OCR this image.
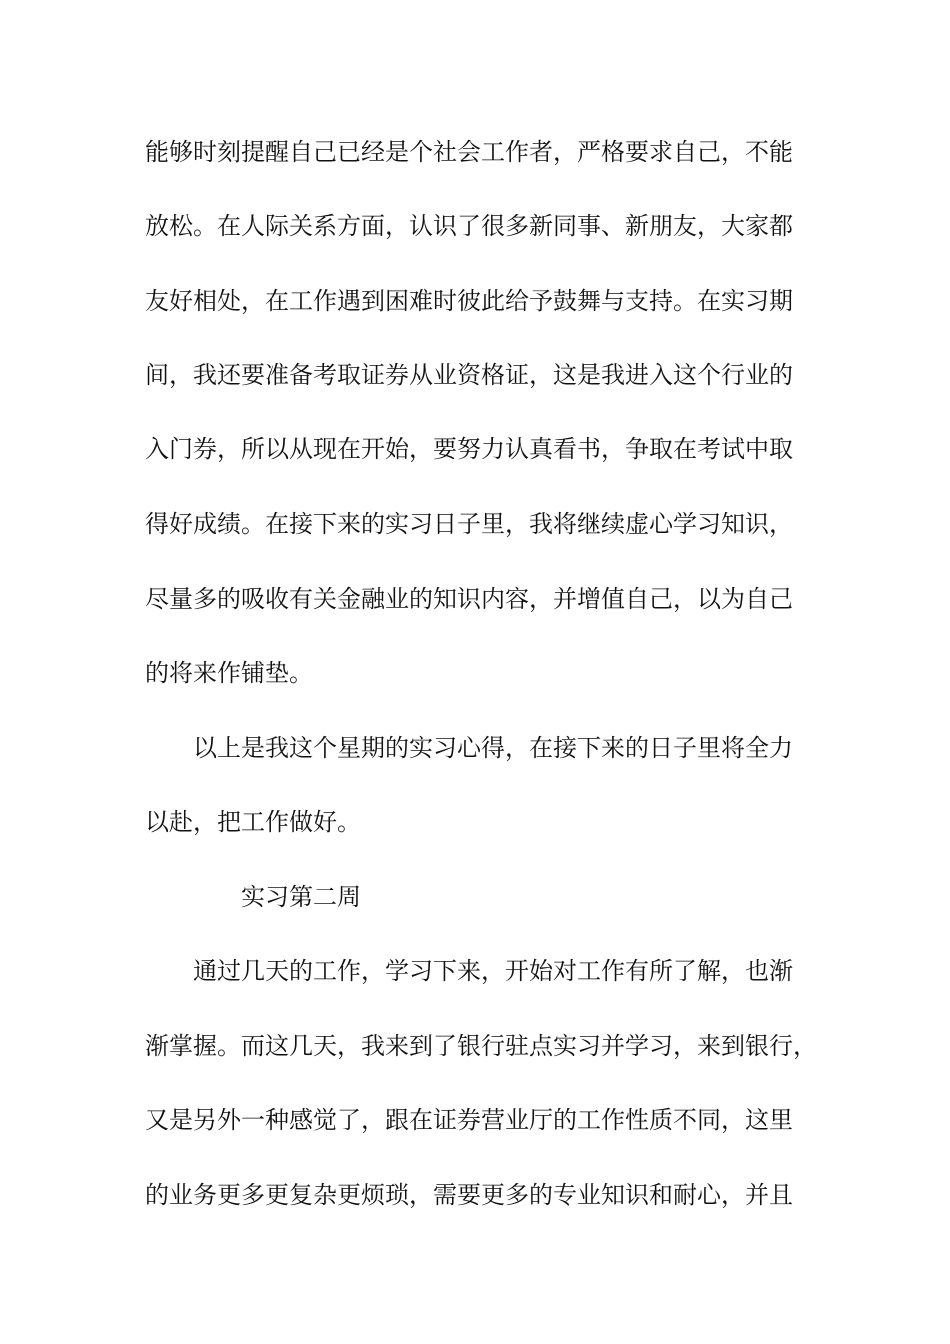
能够时刻提醒自己已经是个社会工作者，严格要求自己，不能

放松。在人际关系方面，认识了很多新同事、新朋友，大家都

友好相处，在工作遇到困难时彼此给予鼓舞与支持。在实习期

间，我还要准备考取证券从业资格证，这是我进入这个行业的

入门券，所以从现在开始，要努力认真看书，争取在考试中取

得好成绩。在接下来的实习日子里，我将继续虚心学习知识，

尽量多的吸收有关金融业的知识内容，并增值自己，以为自己

的将来作铺垫。

以上是我这个星期的实习心得，在接下来的日子里将全力

以赴，把工作做好。

实习第二周

通过几天的工作，学习下来，开始对工作有所了解，也渐

渐掌握。而这几天，我来到了银行驻点实习并学习，来到银行，

又是另外一种感觉了，跟在证券营业厅的工作性质不同，这里

的业务更多更复杂更烦琐，需要更多的专业知识和耐心，并且
